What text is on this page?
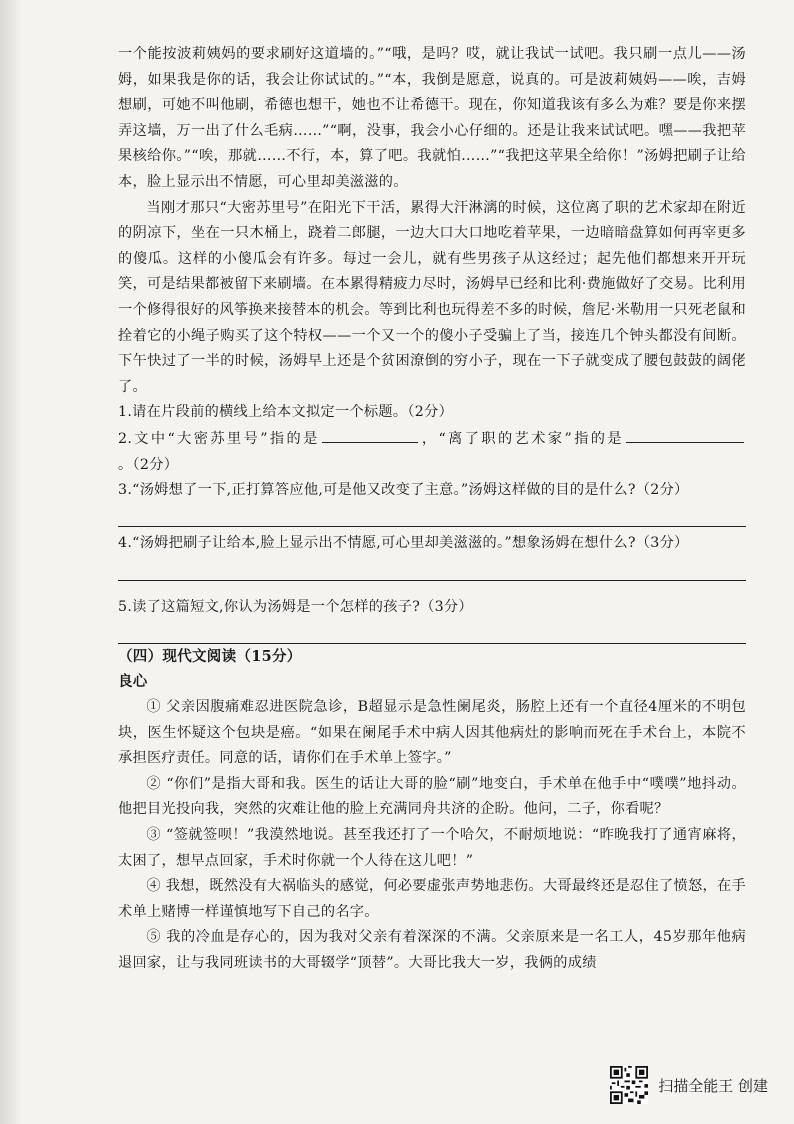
一个能按波莉姨妈的要求刷好这道墙的。”“哦，是吗？哎，就让我试一试吧。我只刷一点儿——汤姆，如果我是你的话，我会让你试试的。”“本，我倒是愿意，说真的。可是波莉姨妈——唉，吉姆想刷，可她不叫他刷，希德也想干，她也不让希德干。现在，你知道我该有多么为难？要是你来摆弄这墙，万一出了什么毛病……”“啊，没事，我会小心仔细的。还是让我来试试吧。嘿——我把苹果核给你。”“唉，那就……不行，本，算了吧。我就怕……”“我把这苹果全给你！”汤姆把刷子让给本，脸上显示出不情愿，可心里却美滋滋的。

当刚才那只“大密苏里号”在阳光下干活，累得大汗淋漓的时候，这位离了职的艺术家却在附近的阴凉下，坐在一只木桶上，跷着二郎腿，一边大口大口地吃着苹果，一边暗暗盘算如何再宰更多的傻瓜。这样的小傻瓜会有许多。每过一会儿，就有些男孩子从这经过；起先他们都想来开开玩笑，可是结果都被留下来刷墙。在本累得精疲力尽时，汤姆早已经和比利·费施做好了交易。比利用一个修得很好的风筝换来接替本的机会。等到比利也玩得差不多的时候，詹尼·米勒用一只死老鼠和拴着它的小绳子购买了这个特权——一个又一个的傻小子受骗上了当，接连几个钟头都没有间断。下午快过了一半的时候，汤姆早上还是个贫困潦倒的穷小子，现在一下子就变成了腰包鼓鼓的阔佬了。

1.请在片段前的横线上给本文拟定一个标题。（2分）

2.文中“大密苏里号”指的是	，“离了职的艺术家”指的是。（2分）

3.“汤姆想了一下,正打算答应他,可是他又改变了主意。”汤姆这样做的目的是什么?（2分）

4.“汤姆把刷子让给本,脸上显示出不情愿,可心里却美滋滋的。”想象汤姆在想什么?（3分）

5.读了这篇短文,你认为汤姆是一个怎样的孩子?（3分）

（四）现代文阅读（15分）

良心

① 父亲因腹痛难忍进医院急诊，B超显示是急性阑尾炎，肠腔上还有一个直径4厘米的不明包块，医生怀疑这个包块是癌。“如果在阑尾手术中病人因其他病灶的影响而死在手术台上，本院不承担医疗责任。同意的话，请你们在手术单上签字。”

② “你们”是指大哥和我。医生的话让大哥的脸“刷”地变白，手术单在他手中“噗噗”地抖动。他把目光投向我，突然的灾难让他的脸上充满同舟共济的企盼。他问，二子，你看呢？

③ “签就签呗！”我漠然地说。甚至我还打了一个哈欠，不耐烦地说：“昨晚我打了通宵麻将，太困了，想早点回家，手术时你就一个人待在这儿吧！”

④ 我想，既然没有大祸临头的感觉，何必要虚张声势地悲伤。大哥最终还是忍住了愤怒，在手术单上赌博一样谨慎地写下自己的名字。

⑤ 我的冷血是存心的，因为我对父亲有着深深的不满。父亲原来是一名工人，45岁那年他病退回家，让与我同班读书的大哥辍学“顶替”。大哥比我大一岁，我俩的成绩

扫描全能王 创建
